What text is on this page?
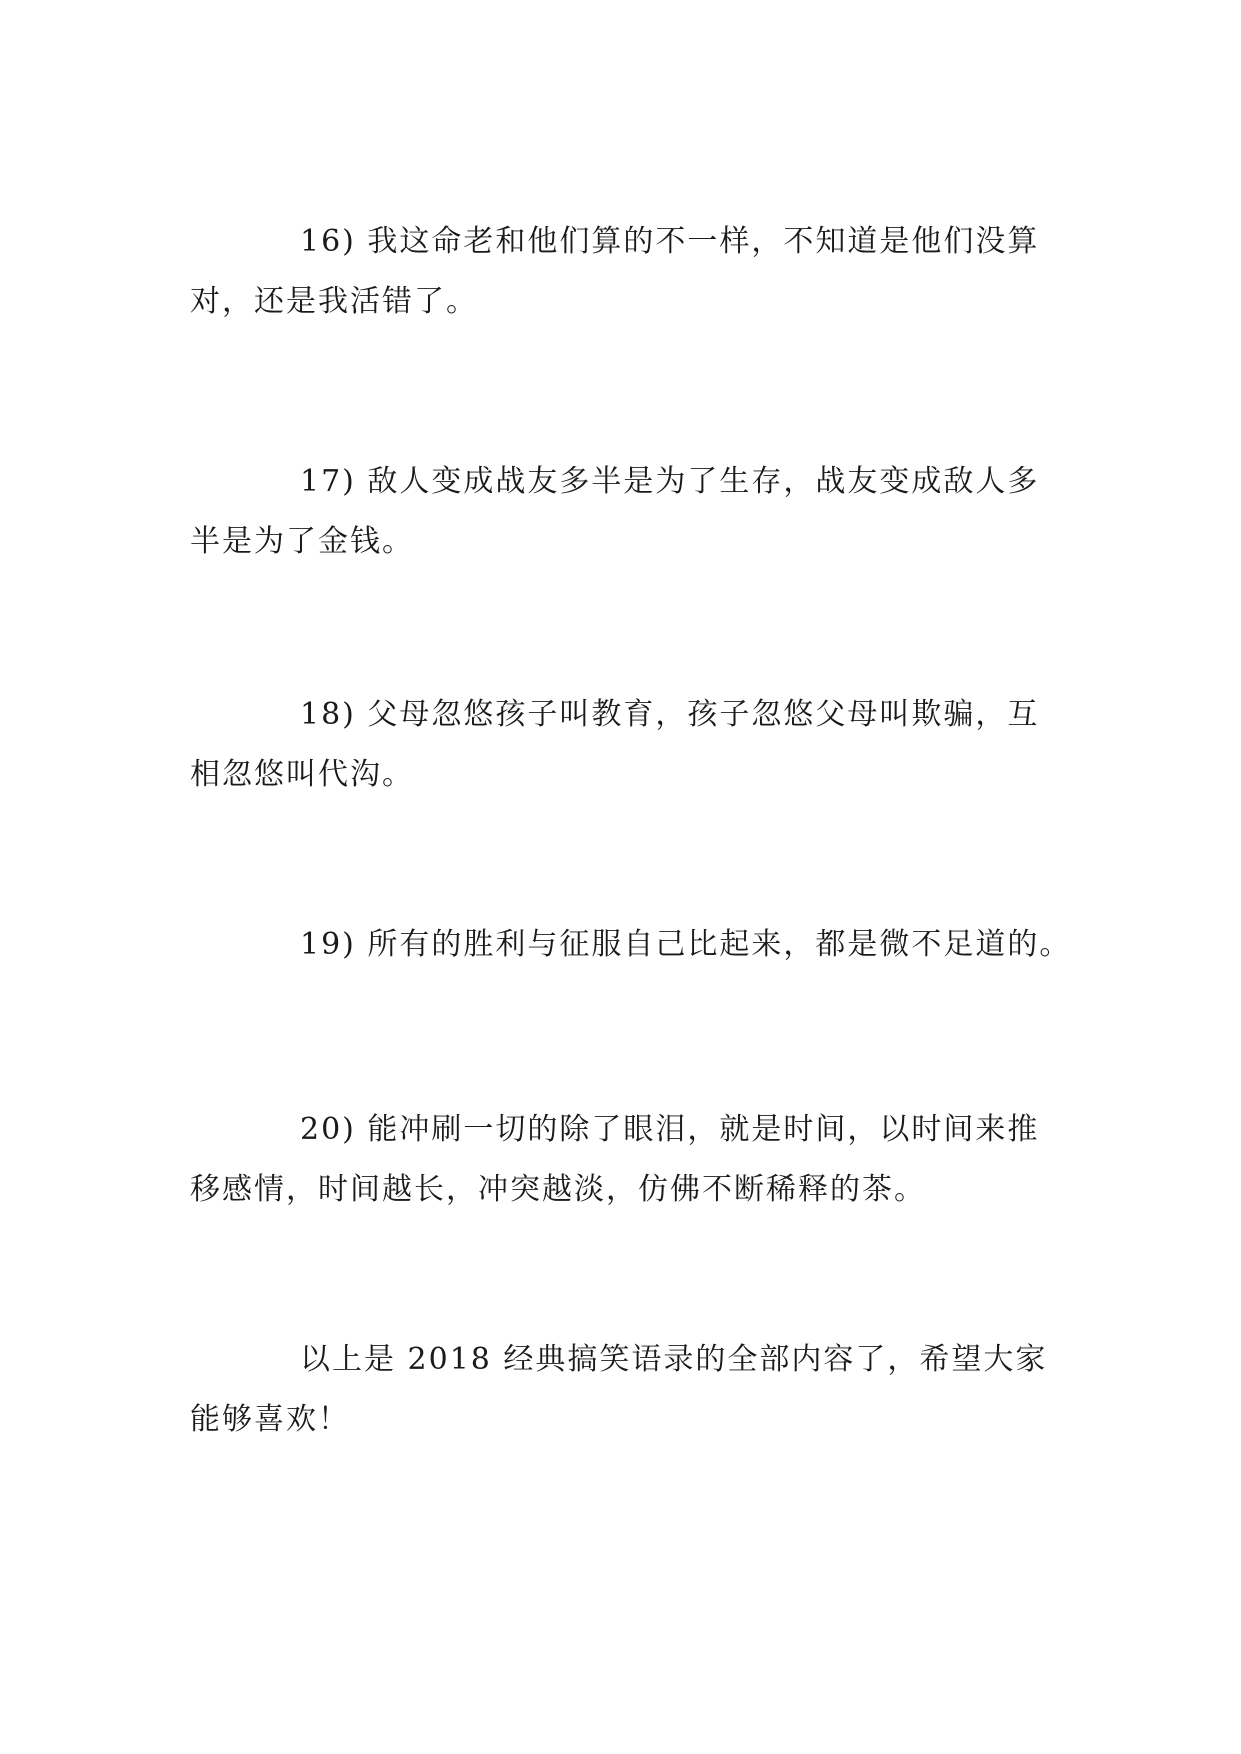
16) 我这命老和他们算的不一样，不知道是他们没算对，还是我活错了。

17) 敌人变成战友多半是为了生存，战友变成敌人多半是为了金钱。

18) 父母忽悠孩子叫教育，孩子忽悠父母叫欺骗，互相忽悠叫代沟。

19) 所有的胜利与征服自己比起来，都是微不足道的。

20) 能冲刷一切的除了眼泪，就是时间，以时间来推移感情，时间越长，冲突越淡，仿佛不断稀释的茶。

以上是 2018 经典搞笑语录的全部内容了，希望大家能够喜欢！
